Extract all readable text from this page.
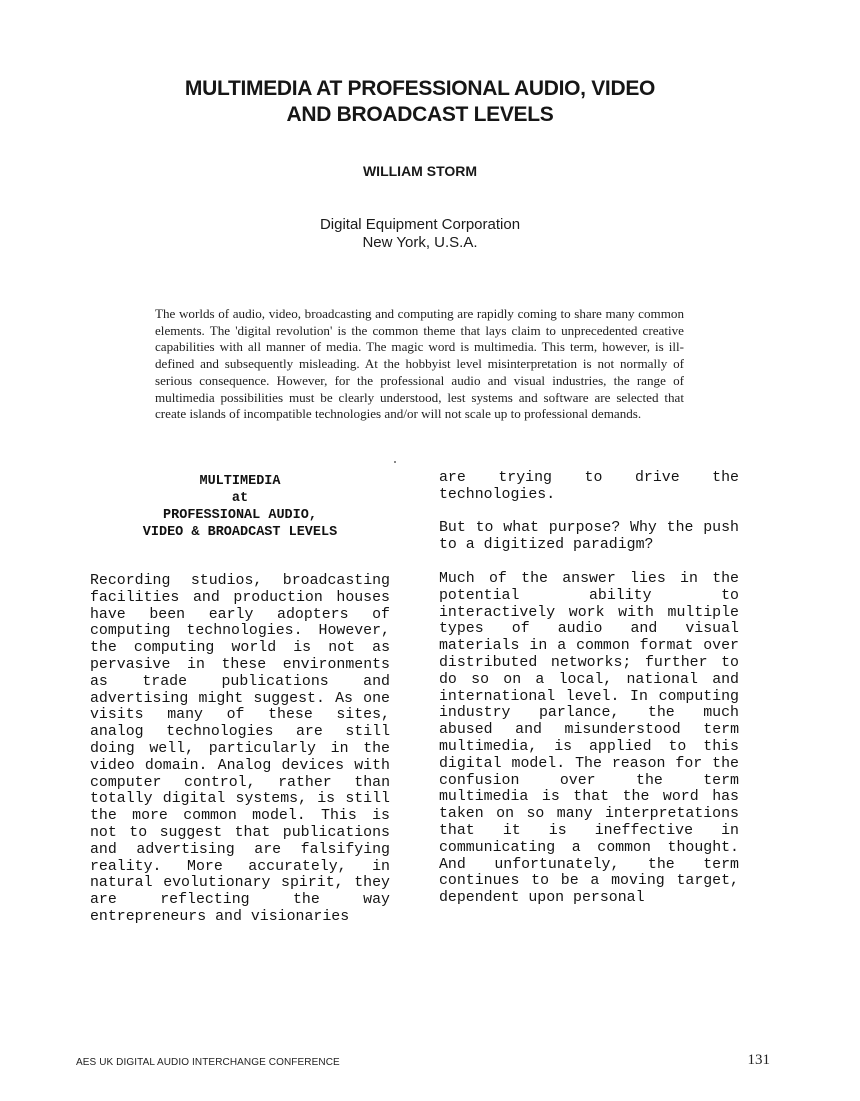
MULTIMEDIA AT PROFESSIONAL AUDIO, VIDEO
AND BROADCAST LEVELS
WILLIAM STORM
Digital Equipment Corporation
New York, U.S.A.

The worlds of audio, video, broadcasting and computing are rapidly coming to share many common elements. The 'digital revolution' is the common theme that lays claim to unprecedented creative capabilities with all manner of media. The magic word is multimedia. This term, however, is ill-defined and subsequently misleading. At the hobbyist level misinterpretation is not normally of serious consequence. However, for the professional audio and visual industries, the range of multimedia possibilities must be clearly understood, lest systems and software are selected that create islands of incompatible technologies and/or will not scale up to professional demands.

MULTIMEDIA
at
PROFESSIONAL AUDIO,
VIDEO & BROADCAST LEVELS

Recording studios, broadcasting facilities and production houses have been early adopters of computing technologies. However, the computing world is not as pervasive in these environments as trade publications and advertising might suggest. As one visits many of these sites, analog technologies are still doing well, particularly in the video domain. Analog devices with computer control, rather than totally digital systems, is still the more common model. This is not to suggest that publications and advertising are falsifying reality. More accurately, in natural evolutionary spirit, they are reflecting the way entrepreneurs and visionaries

are trying to drive the technologies.

But to what purpose? Why the push to a digitized paradigm?

Much of the answer lies in the potential ability to interactively work with multiple types of audio and visual materials in a common format over distributed networks; further to do so on a local, national and international level. In computing industry parlance, the much abused and misunderstood term multimedia, is applied to this digital model. The reason for the confusion over the term multimedia is that the word has taken on so many interpretations that it is ineffective in communicating a common thought. And unfortunately, the term continues to be a moving target, dependent upon personal

AES UK DIGITAL AUDIO INTERCHANGE CONFERENCE	131
